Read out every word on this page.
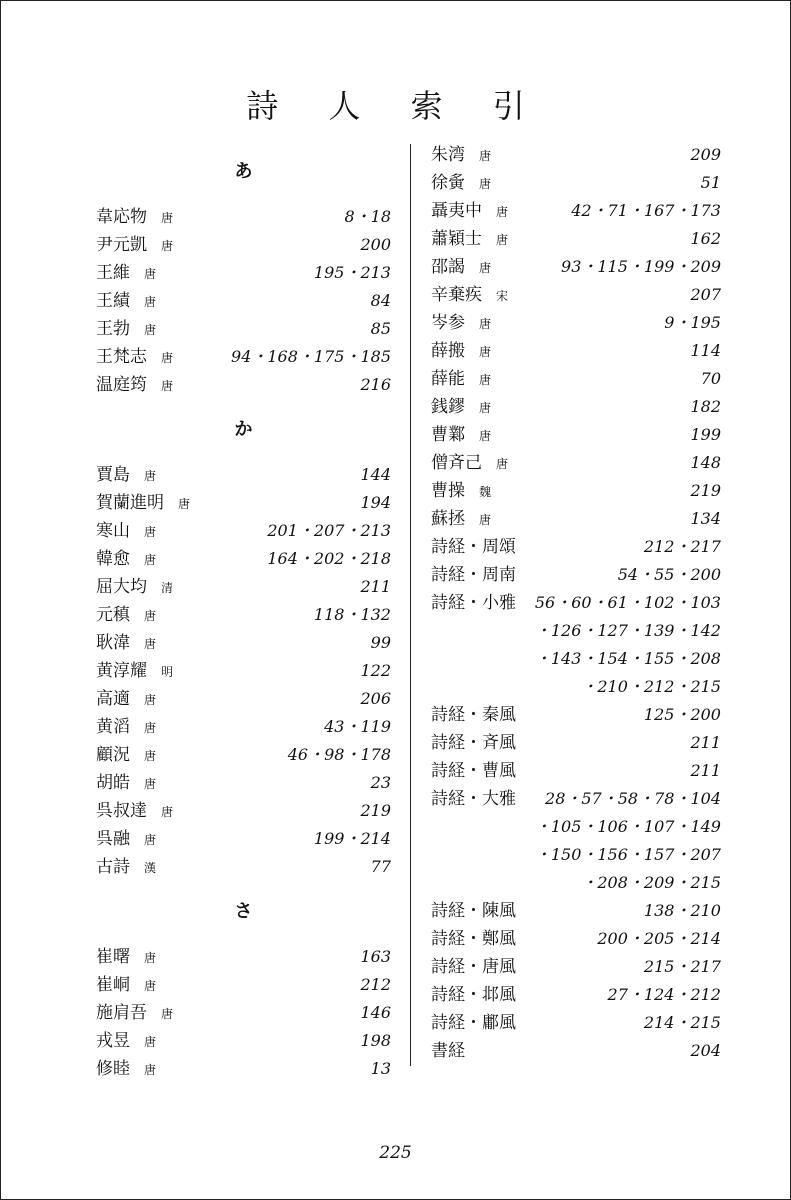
詩 人 索 引
あ
韋応物 唐	8・18
尹元凱 唐	200
王維 唐	195・213
王績 唐	84
王勃 唐	85
王梵志 唐	94・168・175・185
温庭筠 唐	216
か
賈島 唐	144
賀蘭進明 唐	194
寒山 唐	201・207・213
韓愈 唐	164・202・218
屈大均 清	211
元稹 唐	118・132
耿湋 唐	99
黄淳耀 明	122
高適 唐	206
黄滔 唐	43・119
顧況 唐	46・98・178
胡皓 唐	23
呉叔達 唐	219
呉融 唐	199・214
古詩 漢	77
さ
崔曙 唐	163
崔峒 唐	212
施肩吾 唐	146
戎昱 唐	198
修睦 唐	13
朱湾 唐	209
徐夤 唐	51
聶夷中 唐	42・71・167・173
蕭穎士 唐	162
邵謁 唐	93・115・199・209
辛棄疾 宋	207
岑参 唐	9・195
薛搬 唐	114
薛能 唐	70
銭鏐 唐	182
曹鄴 唐	199
僧斉己 唐	148
曹操 魏	219
蘇拯 唐	134
詩経・周頌	212・217
詩経・周南	54・55・200
詩経・小雅 56・60・61・102・103
・126・127・139・142
・143・154・155・208
・210・212・215
詩経・秦風	125・200
詩経・斉風	211
詩経・曹風	211
詩経・大雅 28・57・58・78・104
・105・106・107・149
・150・156・157・207
・208・209・215
詩経・陳風	138・210
詩経・鄭風	200・205・214
詩経・唐風	215・217
詩経・邶風	27・124・212
詩経・鄘風	214・215
書経	204
225
